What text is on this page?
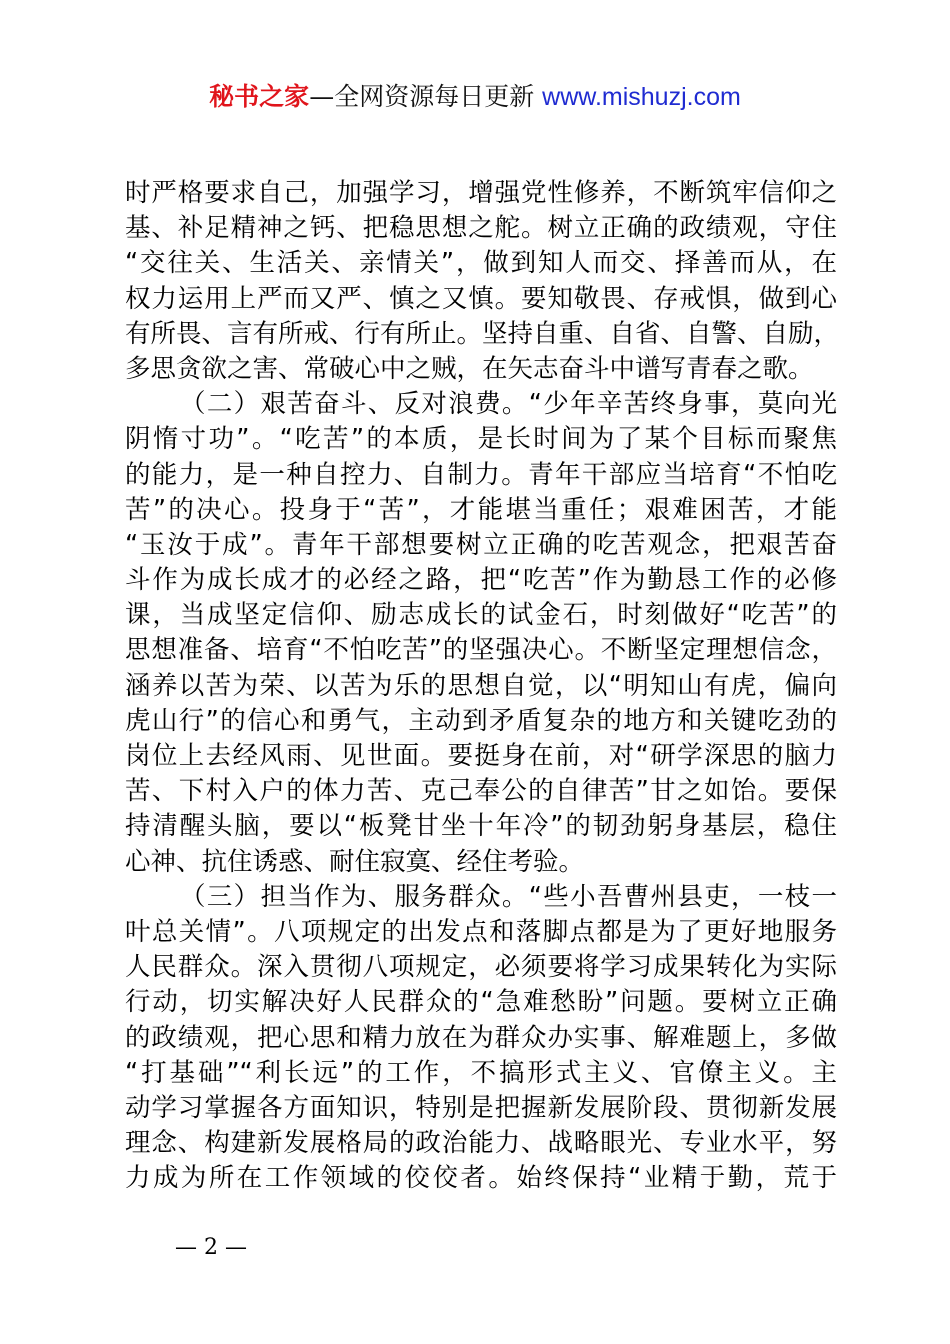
秘书之家—全网资源每日更新 www.mishuzj.com
时严格要求自己，加强学习，增强党性修养，不断筑牢信仰之
基、补足精神之钙、把稳思想之舵。树立正确的政绩观，守住
“交往关、生活关、亲情关”，做到知人而交、择善而从，在
权力运用上严而又严、慎之又慎。要知敬畏、存戒惧，做到心
有所畏、言有所戒、行有所止。坚持自重、自省、自警、自励，
多思贪欲之害、常破心中之贼，在矢志奋斗中谱写青春之歌。
（二）艰苦奋斗、反对浪费。“少年辛苦终身事，莫向光
阴惰寸功”。“吃苦”的本质，是长时间为了某个目标而聚焦
的能力，是一种自控力、自制力。青年干部应当培育“不怕吃
苦”的决心。投身于“苦”，才能堪当重任；艰难困苦，才能
“玉汝于成”。青年干部想要树立正确的吃苦观念，把艰苦奋
斗作为成长成才的必经之路，把“吃苦”作为勤恳工作的必修
课，当成坚定信仰、励志成长的试金石，时刻做好“吃苦”的
思想准备、培育“不怕吃苦”的坚强决心。不断坚定理想信念，
涵养以苦为荣、以苦为乐的思想自觉，以“明知山有虎，偏向
虎山行”的信心和勇气，主动到矛盾复杂的地方和关键吃劲的
岗位上去经风雨、见世面。要挺身在前，对“研学深思的脑力
苦、下村入户的体力苦、克己奉公的自律苦”甘之如饴。要保
持清醒头脑，要以“板凳甘坐十年冷”的韧劲躬身基层，稳住
心神、抗住诱惑、耐住寂寞、经住考验。
（三）担当作为、服务群众。“些小吾曹州县吏，一枝一
叶总关情”。八项规定的出发点和落脚点都是为了更好地服务
人民群众。深入贯彻八项规定，必须要将学习成果转化为实际
行动，切实解决好人民群众的“急难愁盼”问题。要树立正确
的政绩观，把心思和精力放在为群众办实事、解难题上，多做
“打基础”“利长远”的工作，不搞形式主义、官僚主义。主
动学习掌握各方面知识，特别是把握新发展阶段、贯彻新发展
理念、构建新发展格局的政治能力、战略眼光、专业水平，努
力成为所在工作领域的佼佼者。始终保持“业精于勤，荒于
— 2 —
